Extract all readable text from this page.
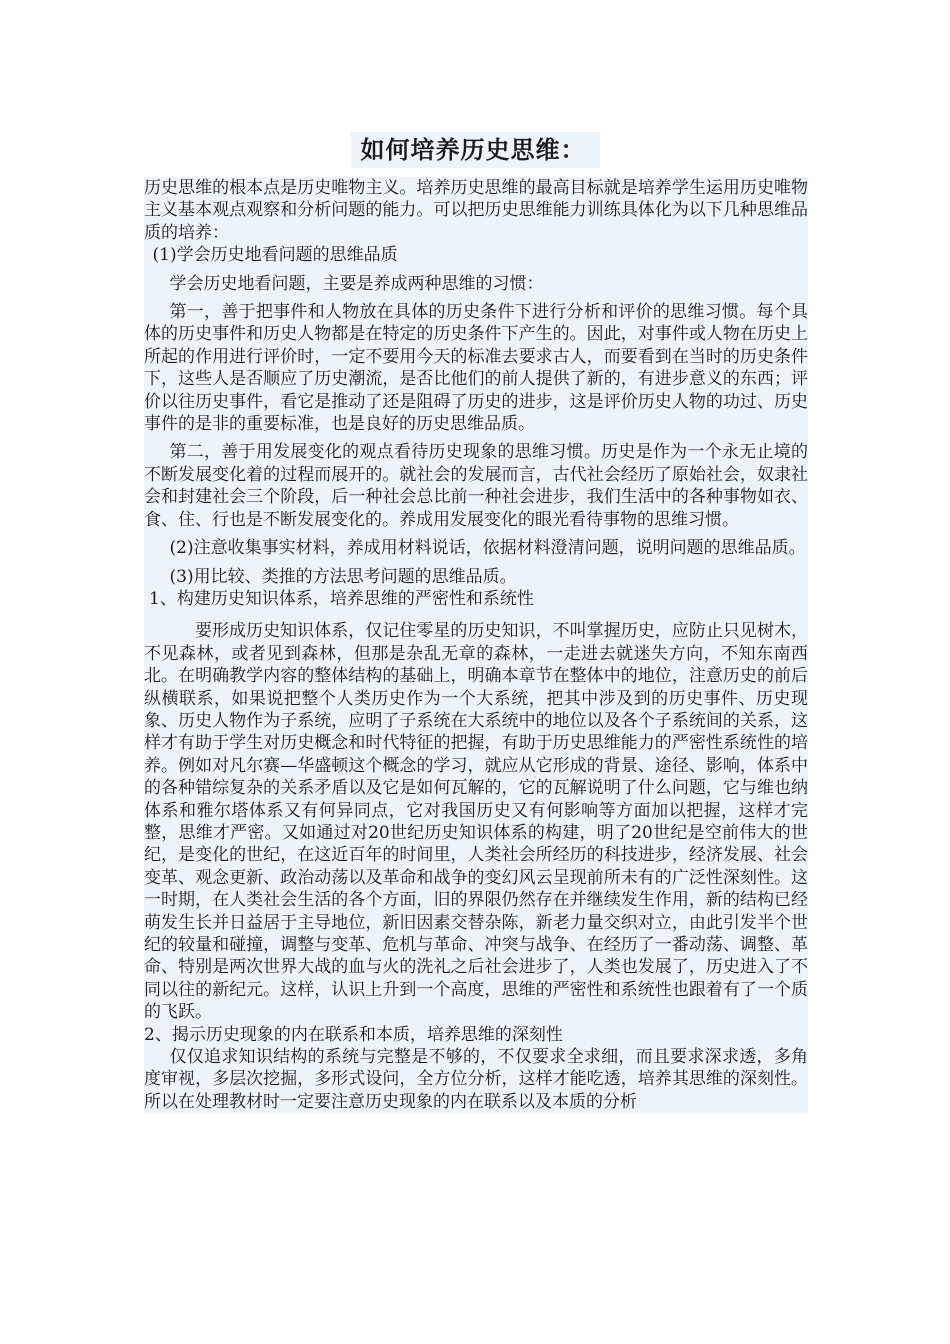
如何培养历史思维：

历史思维的根本点是历史唯物主义。培养历史思维的最高目标就是培养学生运用历史唯物主义基本观点观察和分析问题的能力。可以把历史思维能力训练具体化为以下几种思维品质的培养：

(1)学会历史地看问题的思维品质

学会历史地看问题，主要是养成两种思维的习惯：

第一，善于把事件和人物放在具体的历史条件下进行分析和评价的思维习惯。每个具体的历史事件和历史人物都是在特定的历史条件下产生的。因此，对事件或人物在历史上所起的作用进行评价时，一定不要用今天的标准去要求古人，而要看到在当时的历史条件下，这些人是否顺应了历史潮流，是否比他们的前人提供了新的，有进步意义的东西；评价以往历史事件，看它是推动了还是阻碍了历史的进步，这是评价历史人物的功过、历史事件的是非的重要标准，也是良好的历史思维品质。

第二，善于用发展变化的观点看待历史现象的思维习惯。历史是作为一个永无止境的不断发展变化着的过程而展开的。就社会的发展而言，古代社会经历了原始社会，奴隶社会和封建社会三个阶段，后一种社会总比前一种社会进步，我们生活中的各种事物如衣、食、住、行也是不断发展变化的。养成用发展变化的眼光看待事物的思维习惯。

(2)注意收集事实材料，养成用材料说话，依据材料澄清问题，说明问题的思维品质。

(3)用比较、类推的方法思考问题的思维品质。

1、构建历史知识体系，培养思维的严密性和系统性

要形成历史知识体系，仅记住零星的历史知识，不叫掌握历史，应防止只见树木，不见森林，或者见到森林，但那是杂乱无章的森林，一走进去就迷失方向，不知东南西北。在明确教学内容的整体结构的基础上，明确本章节在整体中的地位，注意历史的前后纵横联系，如果说把整个人类历史作为一个大系统，把其中涉及到的历史事件、历史现象、历史人物作为子系统，应明了子系统在大系统中的地位以及各个子系统间的关系，这样才有助于学生对历史概念和时代特征的把握，有助于历史思维能力的严密性系统性的培养。例如对凡尔赛—华盛顿这个概念的学习，就应从它形成的背景、途径、影响，体系中的各种错综复杂的关系矛盾以及它是如何瓦解的，它的瓦解说明了什么问题，它与维也纳体系和雅尔塔体系又有何异同点，它对我国历史又有何影响等方面加以把握，这样才完整，思维才严密。又如通过对20世纪历史知识体系的构建，明了20世纪是空前伟大的世纪，是变化的世纪，在这近百年的时间里，人类社会所经历的科技进步，经济发展、社会变革、观念更新、政治动荡以及革命和战争的变幻风云呈现前所未有的广泛性深刻性。这一时期，在人类社会生活的各个方面，旧的界限仍然存在并继续发生作用，新的结构已经萌发生长并日益居于主导地位，新旧因素交替杂陈，新老力量交织对立，由此引发半个世纪的较量和碰撞，调整与变革、危机与革命、冲突与战争、在经历了一番动荡、调整、革命、特别是两次世界大战的血与火的洗礼之后社会进步了，人类也发展了，历史进入了不同以往的新纪元。这样，认识上升到一个高度，思维的严密性和系统性也跟着有了一个质的飞跃。

2、揭示历史现象的内在联系和本质，培养思维的深刻性

仅仅追求知识结构的系统与完整是不够的，不仅要求全求细，而且要求深求透，多角度审视，多层次挖掘，多形式设问，全方位分析，这样才能吃透，培养其思维的深刻性。所以在处理教材时一定要注意历史现象的内在联系以及本质的分析
